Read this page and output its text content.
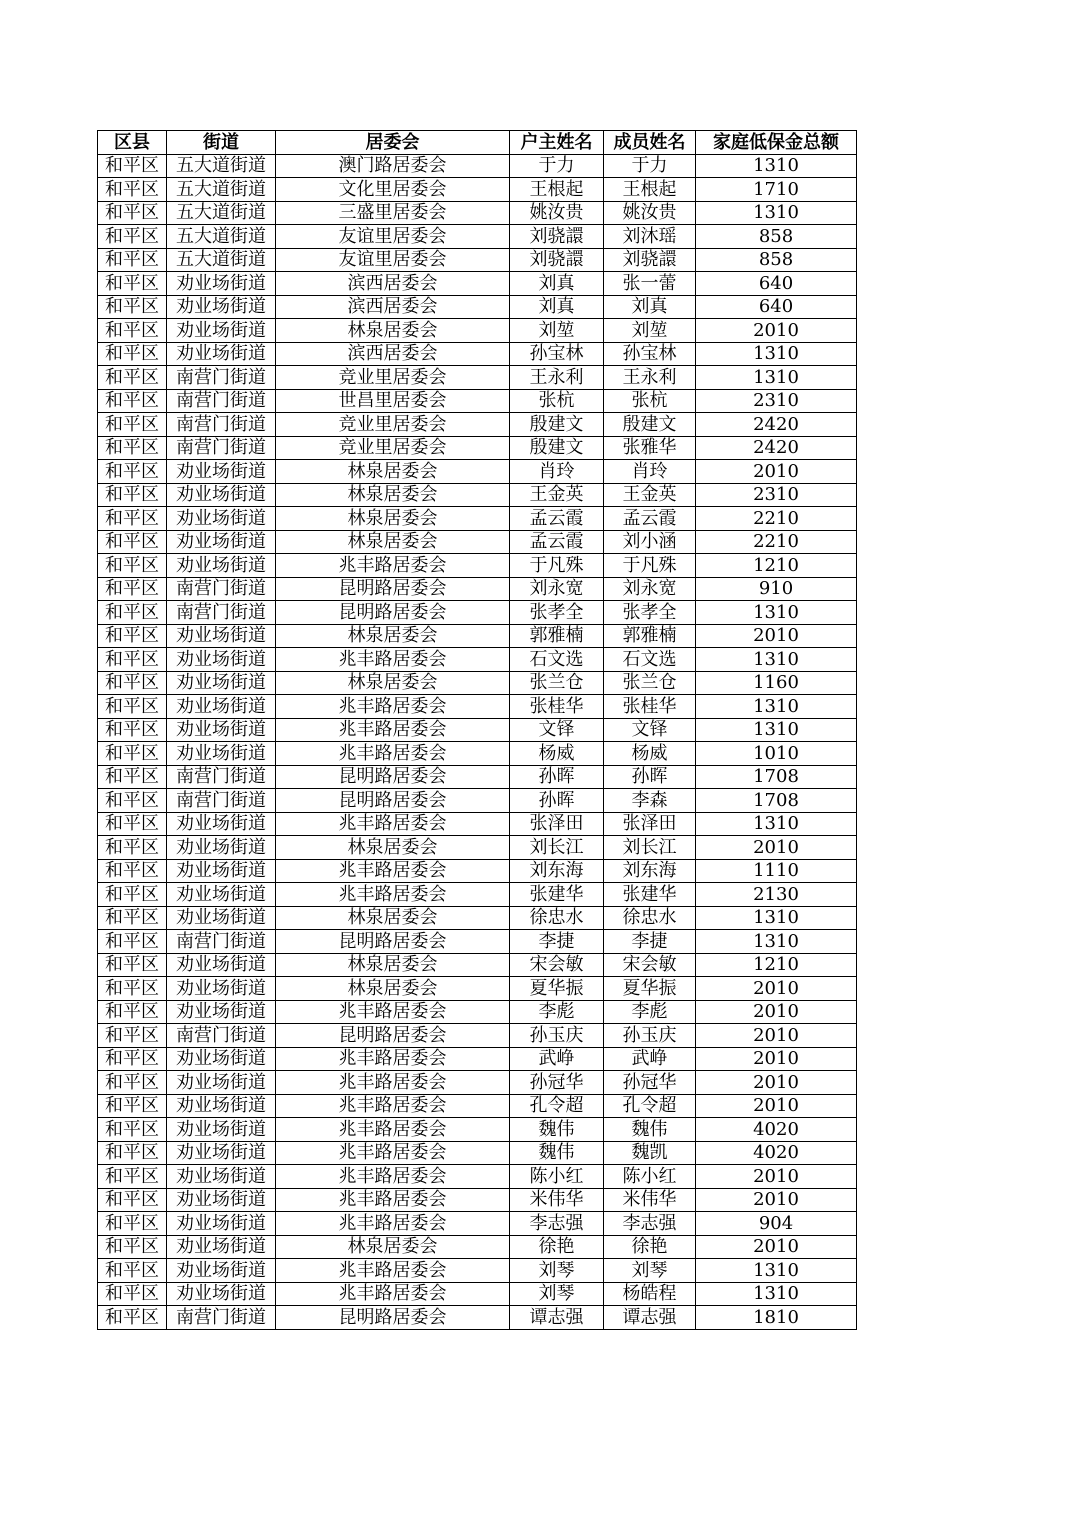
区县	街道	居委会	户主姓名	成员姓名	家庭低保金总额
和平区	五大道街道	澳门路居委会	于力	于力	1310
和平区	五大道街道	文化里居委会	王根起	王根起	1710
和平区	五大道街道	三盛里居委会	姚汝贵	姚汝贵	1310
和平区	五大道街道	友谊里居委会	刘骁譞	刘沐瑶	858
和平区	五大道街道	友谊里居委会	刘骁譞	刘骁譞	858
和平区	劝业场街道	滨西居委会	刘真	张一蕾	640
和平区	劝业场街道	滨西居委会	刘真	刘真	640
和平区	劝业场街道	林泉居委会	刘堃	刘堃	2010
和平区	劝业场街道	滨西居委会	孙宝林	孙宝林	1310
和平区	南营门街道	竞业里居委会	王永利	王永利	1310
和平区	南营门街道	世昌里居委会	张杭	张杭	2310
和平区	南营门街道	竞业里居委会	殷建文	殷建文	2420
和平区	南营门街道	竞业里居委会	殷建文	张雅华	2420
和平区	劝业场街道	林泉居委会	肖玲	肖玲	2010
和平区	劝业场街道	林泉居委会	王金英	王金英	2310
和平区	劝业场街道	林泉居委会	孟云霞	孟云霞	2210
和平区	劝业场街道	林泉居委会	孟云霞	刘小涵	2210
和平区	劝业场街道	兆丰路居委会	于凡殊	于凡殊	1210
和平区	南营门街道	昆明路居委会	刘永宽	刘永宽	910
和平区	南营门街道	昆明路居委会	张孝全	张孝全	1310
和平区	劝业场街道	林泉居委会	郭雅楠	郭雅楠	2010
和平区	劝业场街道	兆丰路居委会	石文选	石文选	1310
和平区	劝业场街道	林泉居委会	张兰仓	张兰仓	1160
和平区	劝业场街道	兆丰路居委会	张桂华	张桂华	1310
和平区	劝业场街道	兆丰路居委会	文铎	文铎	1310
和平区	劝业场街道	兆丰路居委会	杨威	杨威	1010
和平区	南营门街道	昆明路居委会	孙晖	孙晖	1708
和平区	南营门街道	昆明路居委会	孙晖	李森	1708
和平区	劝业场街道	兆丰路居委会	张泽田	张泽田	1310
和平区	劝业场街道	林泉居委会	刘长江	刘长江	2010
和平区	劝业场街道	兆丰路居委会	刘东海	刘东海	1110
和平区	劝业场街道	兆丰路居委会	张建华	张建华	2130
和平区	劝业场街道	林泉居委会	徐忠水	徐忠水	1310
和平区	南营门街道	昆明路居委会	李捷	李捷	1310
和平区	劝业场街道	林泉居委会	宋会敏	宋会敏	1210
和平区	劝业场街道	林泉居委会	夏华振	夏华振	2010
和平区	劝业场街道	兆丰路居委会	李彪	李彪	2010
和平区	南营门街道	昆明路居委会	孙玉庆	孙玉庆	2010
和平区	劝业场街道	兆丰路居委会	武峥	武峥	2010
和平区	劝业场街道	兆丰路居委会	孙冠华	孙冠华	2010
和平区	劝业场街道	兆丰路居委会	孔令超	孔令超	2010
和平区	劝业场街道	兆丰路居委会	魏伟	魏伟	4020
和平区	劝业场街道	兆丰路居委会	魏伟	魏凯	4020
和平区	劝业场街道	兆丰路居委会	陈小红	陈小红	2010
和平区	劝业场街道	兆丰路居委会	米伟华	米伟华	2010
和平区	劝业场街道	兆丰路居委会	李志强	李志强	904
和平区	劝业场街道	林泉居委会	徐艳	徐艳	2010
和平区	劝业场街道	兆丰路居委会	刘琴	刘琴	1310
和平区	劝业场街道	兆丰路居委会	刘琴	杨皓程	1310
和平区	南营门街道	昆明路居委会	谭志强	谭志强	1810
